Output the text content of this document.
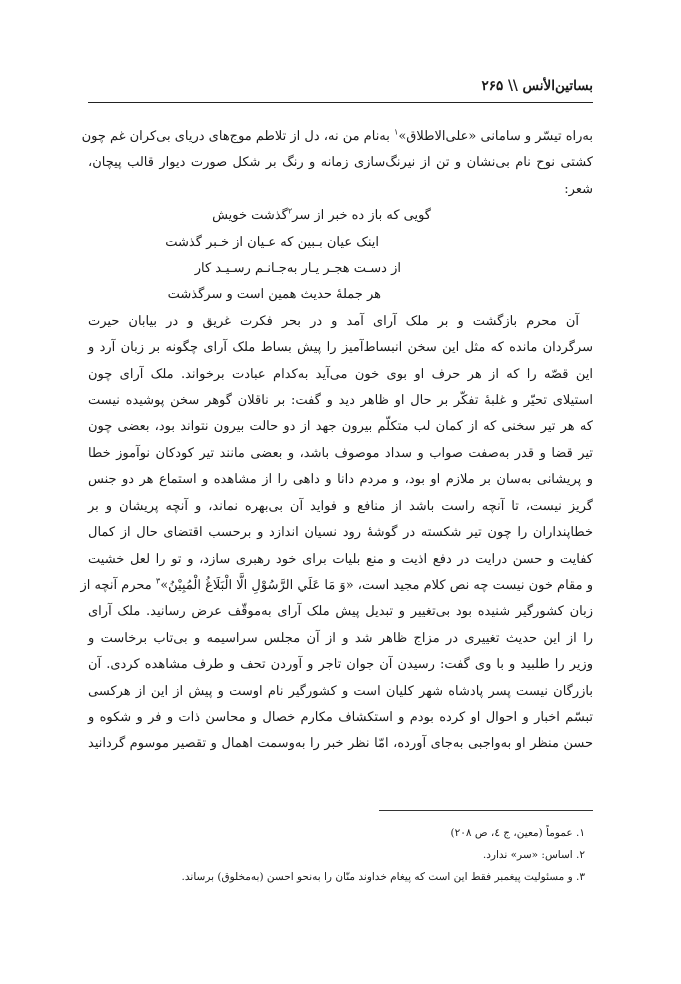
بساتین‌الأنس \\ ۲۶۵

به‌راه تیسّر و سامانی «علی‌الاطلاق»$^۱$ به‌نام من نه، دل از تلاطم موج‌های دریای بی‌کران غم چون

کشتی نوح نام بی‌نشان و تن از نیرنگ‌سازی زمانه و رنگ بر شکل صورت دیوار قالب پیچان،

شعر:

گویی که باز ده خبر از سر$^۲$گذشت خویش

اینک عیان بـبین که عـیان از خـبر گذشت

از دسـت هجـر یـار به‌جـانـم رسـیـد کار

هر جملهٔ حدیث همین است و سرگذشت

آن محرم بازگشت و بر ملک آرای آمد و در بحر فکرت غریق و در بیابان حیرت

سرگردان مانده که مثل این سخن انبساط‌آمیز را پیش بساط ملک آرای چگونه بر زبان آرد و

این قصّه را که از هر حرف او بوی خون می‌آید به‌کدام عبادت برخواند. ملک آرای چون

استیلای تحیّر و غلبهٔ تفکّر بر حال او ظاهر دید و گفت: بر ناقلان گوهر سخن پوشیده نیست

که هر تیر سخنی که از کمان لب متکلّم بیرون جهد از دو حالت بیرون نتواند بود، بعضی چون

تیر قضا و قدر به‌صفت صواب و سداد موصوف باشد، و بعضی مانند تیر کودکان نوآموز خطا

و پریشانی به‌سان بر ملازم او بود، و مردم دانا و داهی را از مشاهده و استماع هر دو جنس

گریز نیست، تا آنچه راست باشد از منافع و فواید آن بی‌بهره نماند، و آنچه پریشان و بر

خطاپنداران را چون تیر شکسته در گوشهٔ رود نسیان اندازد و برحسب اقتضای حال از کمال

کفایت و حسن درایت در دفع اذیت و منع بلیات برای خود رهبری سازد، و تو را لعل خشیت

و مقام خون نیست چه نص کلام مجید است، «وَ مَا عَلَي الرَّسُوْلِ الَّا الْبَلَاغُ الْمُبِيْنُ»$^۳$ محرم آنچه از

زبان کشورگیر شنیده بود بی‌تغییر و تبدیل پیش ملک آرای به‌موقّف عرض رسانید. ملک آرای

را از این حدیث تغییری در مزاج ظاهر شد و از آن مجلس سراسیمه و بی‌تاب برخاست و

وزیر را طلبید و با وی گفت: رسیدن آن جوان تاجر و آوردن تحف و طرف مشاهده کردی. آن

بازرگان نیست پسر پادشاه شهر کلیان است و کشورگیر نام اوست و پیش از این از هرکسی

تبسّم اخبار و احوال او کرده بودم و استکشاف مکارم خصال و محاسن ذات و فر و شکوه و

حسن منظر او به‌واجبی به‌جای آورده، امّا نظر خبر را به‌وسمت اهمال و تقصیر موسوم گردانید

۱. عموماً (معین، ج ٤، ص ۲۰۸)

۲. اساس: «سر» ندارد.

۳. و مسئولیت پیغمبر فقط این است که پیغام خداوند منّان را به‌نحو احسن (به‌مخلوق) برساند.
